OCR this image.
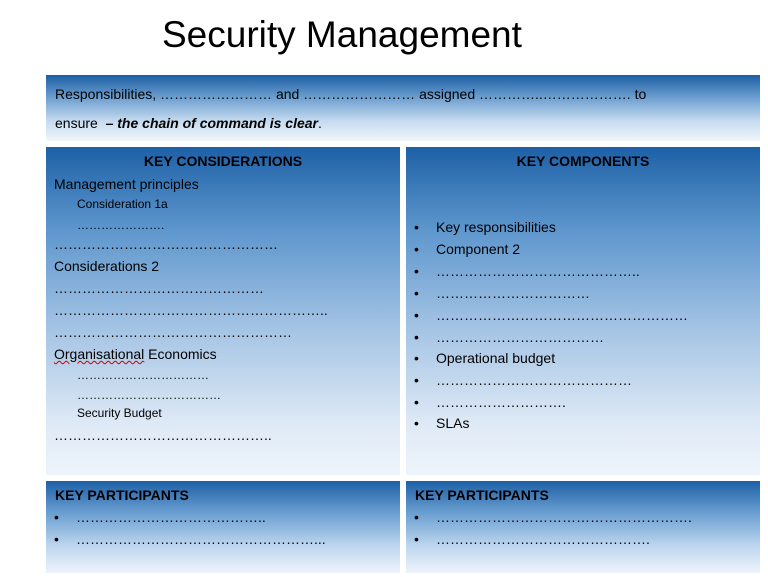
Security Management
Responsibilities, …………………… and …………………… assigned …………..………………. to
ensure  – the chain of command is clear.
KEY CONSIDERATIONS
Management principles
Consideration 1a
………………….
…………………………………………
Considerations 2
………………………………………
…………………………………………………..
……………………………………………
Organisational Economics
……………………………
………………………………
Security Budget
………………………………………..
KEY COMPONENTS
• Key responsibilities
• Component 2
• ……………………………………..
• ……………………………
• ………………………………………………
• ………………………………
• Operational budget
• ……………………………………
• ……………………….
• SLAs
KEY PARTICIPANTS
• …………………………………..
• ……………………………………………...
KEY PARTICIPANTS
• ……………………………………………….
• ……………………………………….
